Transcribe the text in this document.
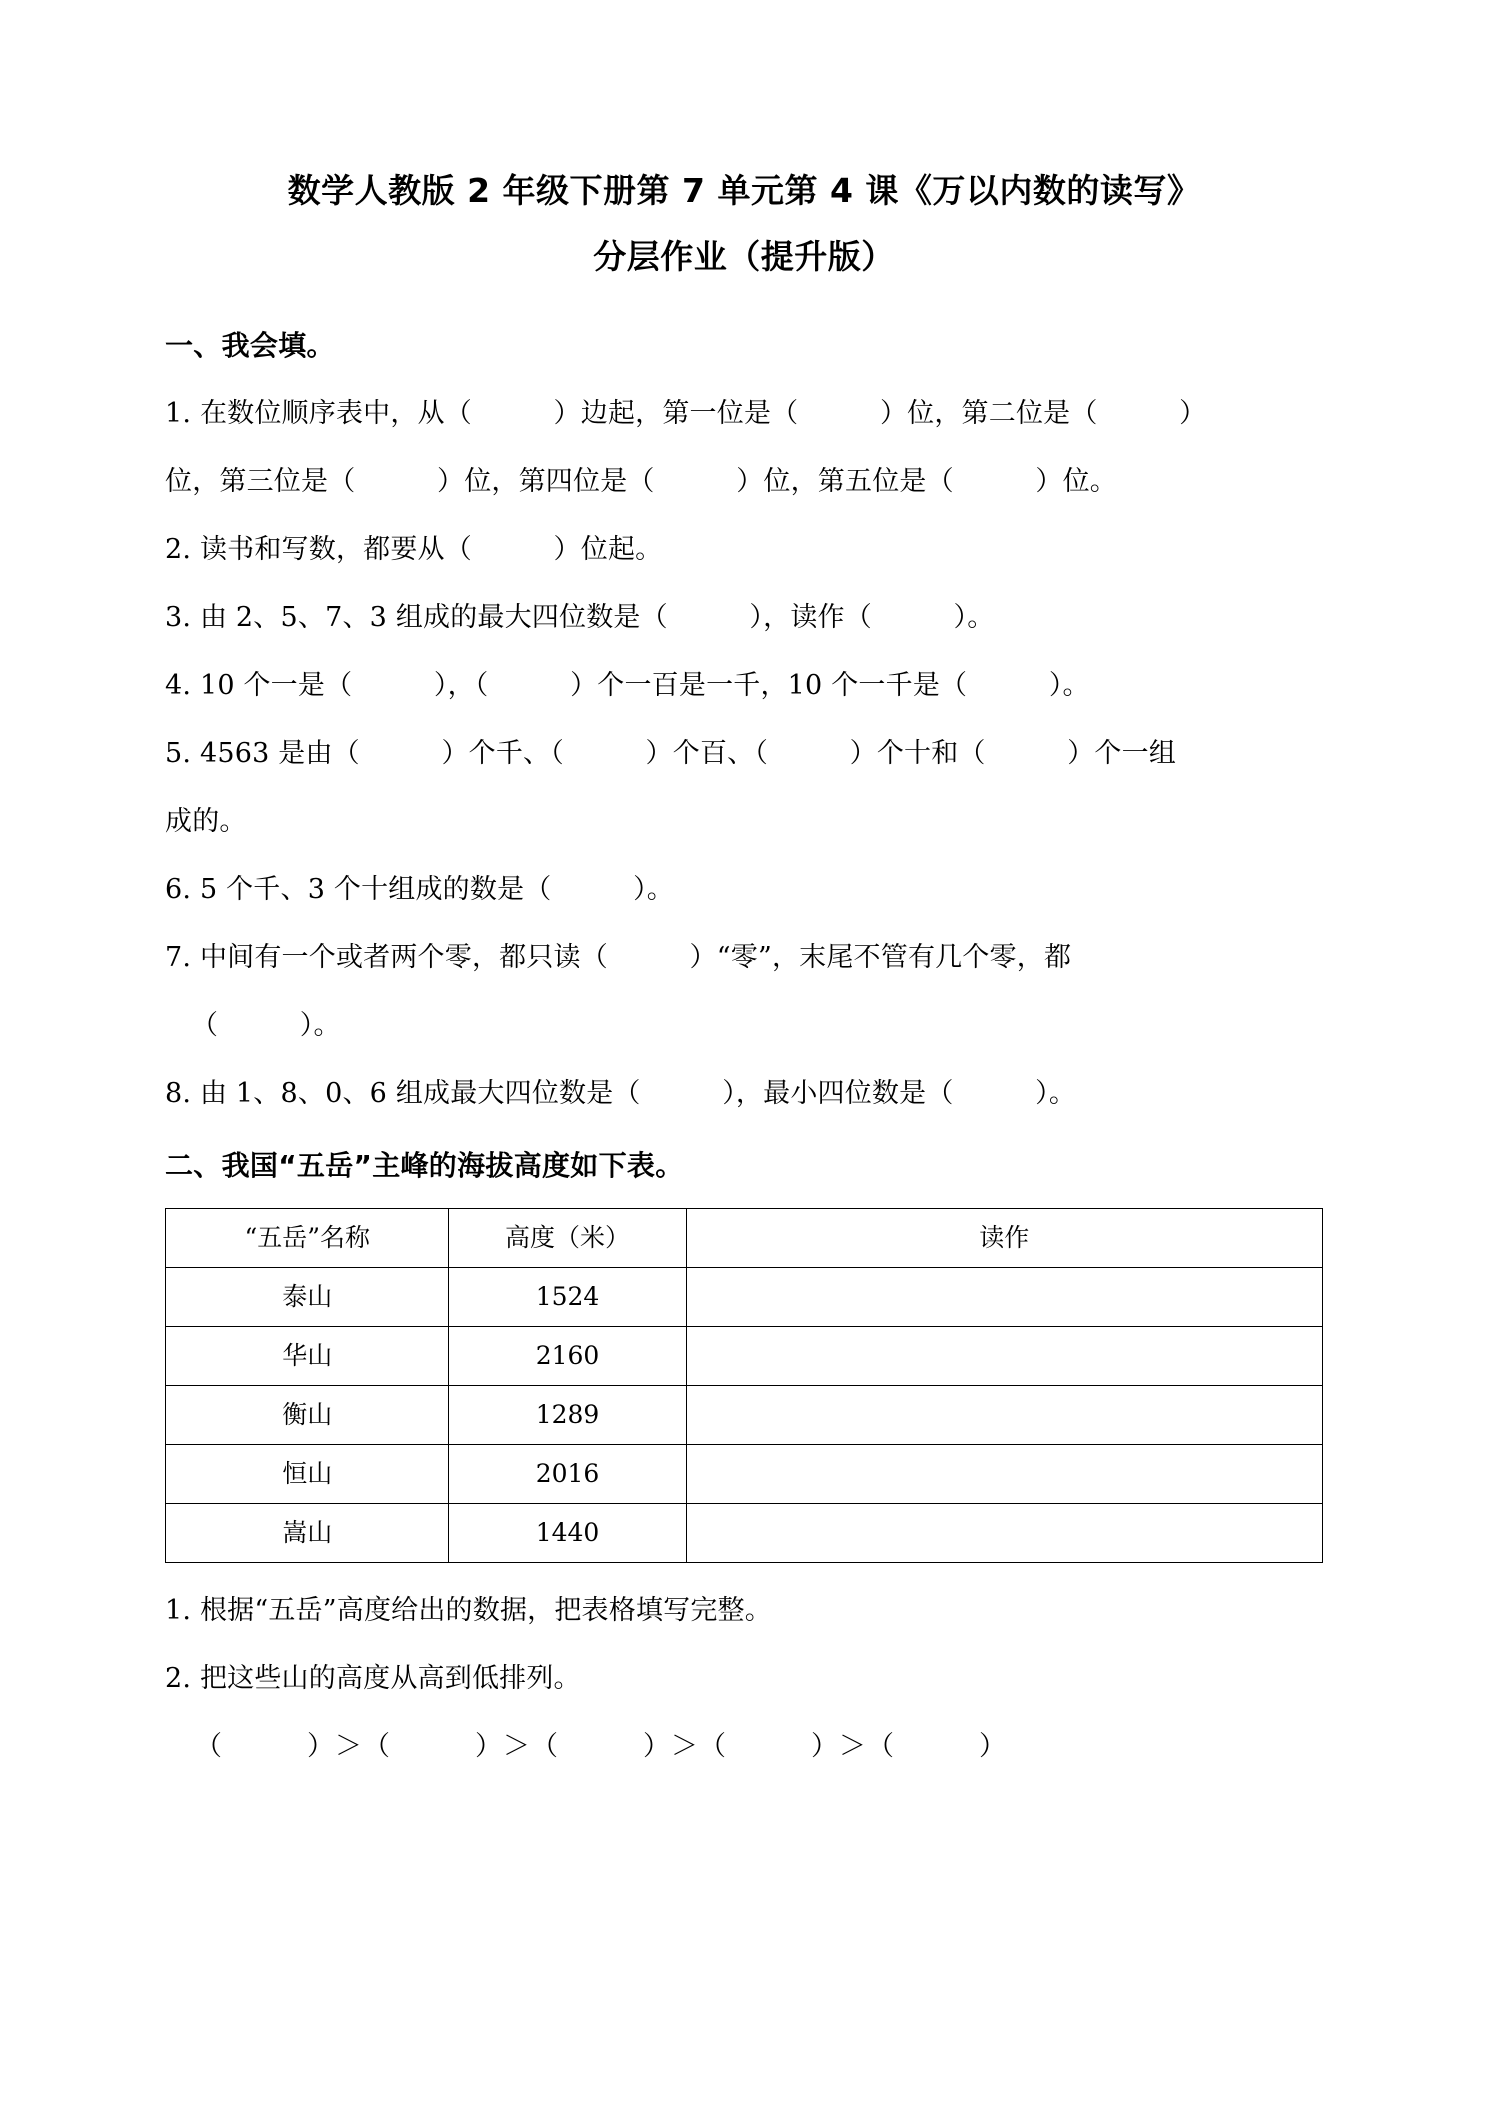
数学人教版 2 年级下册第 7 单元第 4 课《万以内数的读写》
分层作业（提升版）
一、我会填。

1. 在数位顺序表中，从（　　　）边起，第一位是（　　　）位，第二位是（　　　）

位，第三位是（　　　）位，第四位是（　　　）位，第五位是（　　　）位。

2. 读书和写数，都要从（　　　）位起。

3. 由 2、5、7、3 组成的最大四位数是（　　　），读作（　　　）。

4. 10 个一是（　　　），（　　　）个一百是一千，10 个一千是（　　　）。

5. 4563 是由（　　　）个千、（　　　）个百、（　　　）个十和（　　　）个一组

成的。

6. 5 个千、3 个十组成的数是（　　　）。

7. 中间有一个或者两个零，都只读（　　　）“零”，末尾不管有几个零，都

（　　　）。

8. 由 1、8、0、6 组成最大四位数是（　　　），最小四位数是（　　　）。

二、我国“五岳”主峰的海拔高度如下表。
“五岳”名称	高度（米）	读作
泰山	1524	
华山	2160	
衡山	1289	
恒山	2016	
嵩山	1440	

1. 根据“五岳”高度给出的数据，把表格填写完整。

2. 把这些山的高度从高到低排列。

（　　　）＞（　　　）＞（　　　）＞（　　　）＞（　　　）
